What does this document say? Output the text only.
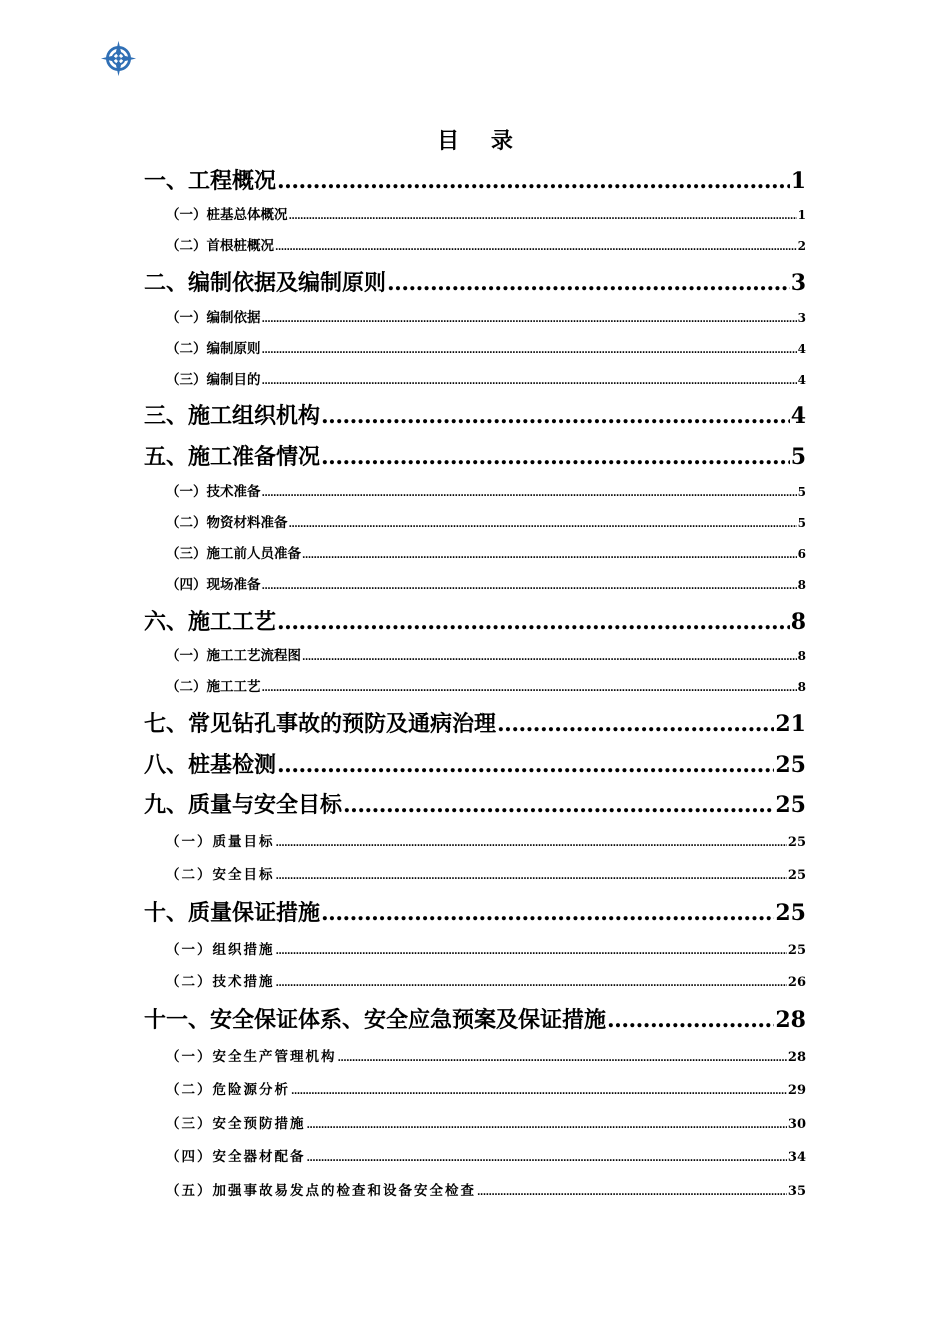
目 录
一、工程概况 .....	1
（一）桩基总体概况 .....	1
（二）首根桩概况 .....	2
二、编制依据及编制原则 .....	3
（一）编制依据 .....	3
（二）编制原则 .....	4
（三）编制目的 .....	4
三、施工组织机构 .....	4
五、施工准备情况 .....	5
（一）技术准备 .....	5
（二）物资材料准备 .....	5
（三）施工前人员准备 .....	6
（四）现场准备 .....	8
六、施工工艺 .....	8
（一）施工工艺流程图 .....	8
（二）施工工艺 .....	8
七、常见钻孔事故的预防及通病治理 .....	21
八、桩基检测 .....	25
九、质量与安全目标 .....	25
（一）质量目标 .....	25
（二）安全目标 .....	25
十、质量保证措施 .....	25
（一）组织措施 .....	25
（二）技术措施 .....	26
十一、安全保证体系、安全应急预案及保证措施 .....	28
（一）安全生产管理机构 .....	28
（二）危险源分析 .....	29
（三）安全预防措施 .....	30
（四）安全器材配备 .....	34
（五）加强事故易发点的检查和设备安全检查 .....	35
